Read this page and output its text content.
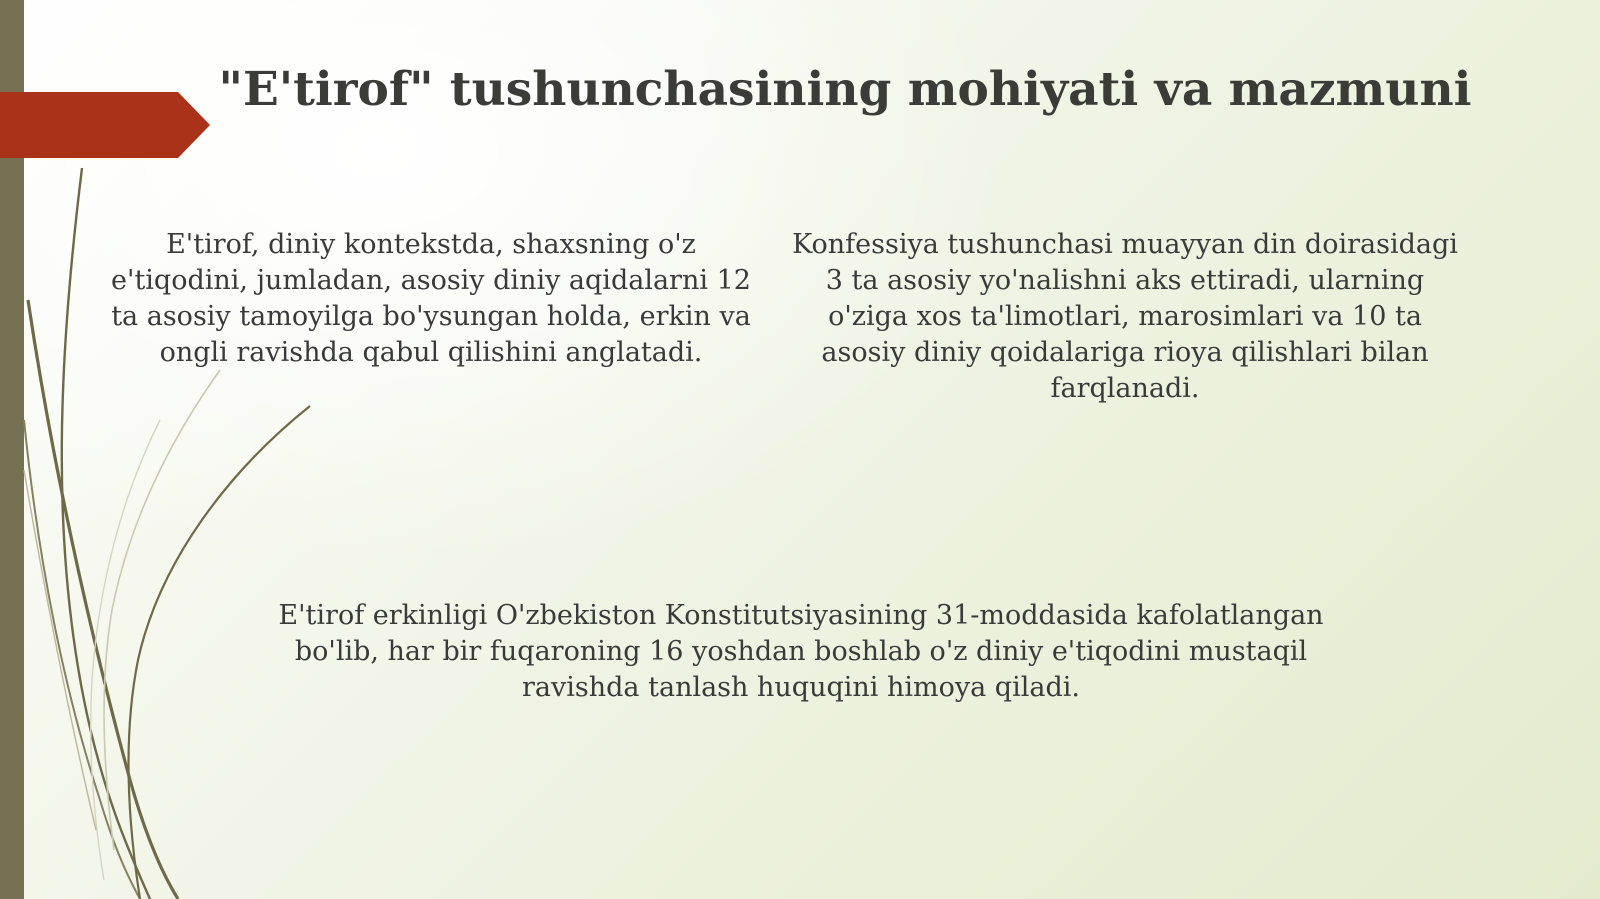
"E'tirof" tushunchasining mohiyati va mazmuni

E'tirof, diniy kontekstda, shaxsning o'z e'tiqodini, jumladan, asosiy diniy aqidalarni 12 ta asosiy tamoyilga bo'ysungan holda, erkin va ongli ravishda qabul qilishini anglatadi.

Konfessiya tushunchasi muayyan din doirasidagi 3 ta asosiy yo'nalishni aks ettiradi, ularning o'ziga xos ta'limotlari, marosimlari va 10 ta asosiy diniy qoidalariga rioya qilishlari bilan farqlanadi.

E'tirof erkinligi O'zbekiston Konstitutsiyasining 31-moddasida kafolatlangan bo'lib, har bir fuqaroning 16 yoshdan boshlab o'z diniy e'tiqodini mustaqil ravishda tanlash huquqini himoya qiladi.
